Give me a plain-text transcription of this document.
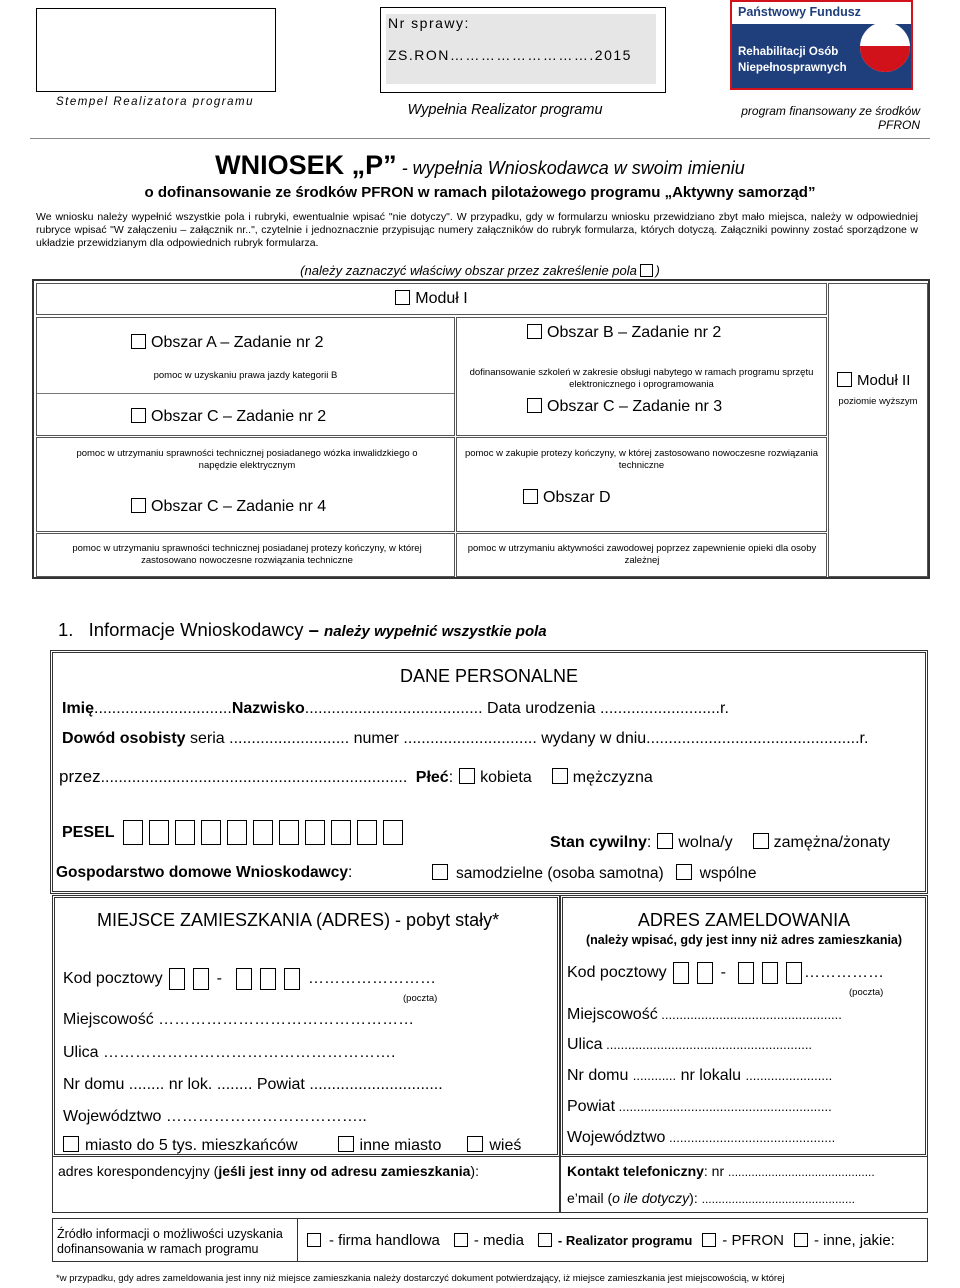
Stempel Realizatora programu
Nr sprawy:
ZS.RON……………………….2015
Wypełnia Realizator programu
Państwowy Fundusz
Rehabilitacji Osób
Niepełnosprawnych
program finansowany ze środków PFRON
WNIOSEK „P” - wypełnia Wnioskodawca w swoim imieniu
o dofinansowanie ze środków PFRON w ramach pilotażowego programu „Aktywny samorząd”
We wniosku należy wypełnić wszystkie pola i rubryki, ewentualnie wpisać "nie dotyczy". W przypadku, gdy w formularzu wniosku przewidziano zbyt mało miejsca, należy w odpowiedniej rubryce wpisać "W załączeniu – załącznik nr..", czytelnie i jednoznacznie przypisując numery załączników do rubryk formularza, których dotyczą. Załączniki powinny zostać sporządzone w układzie przewidzianym dla odpowiednich rubryk formularza.
(należy zaznaczyć właściwy obszar przez zakreślenie pola )
Moduł I
Moduł II
poziomie wyższym
Obszar A – Zadanie nr 2
pomoc w uzyskaniu prawa jazdy kategorii B
Obszar C – Zadanie nr 2
Obszar B – Zadanie nr 2
dofinansowanie szkoleń w zakresie obsługi nabytego w ramach programu sprzętu elektronicznego i oprogramowania
Obszar C – Zadanie nr 3
pomoc w utrzymaniu sprawności technicznej posiadanego wózka inwalidzkiego o napędzie elektrycznym
Obszar C – Zadanie nr 4
pomoc w zakupie protezy kończyny, w której zastosowano nowoczesne rozwiązania techniczne
Obszar D
pomoc w utrzymaniu sprawności technicznej posiadanej protezy kończyny, w której zastosowano nowoczesne rozwiązania techniczne
pomoc w utrzymaniu aktywności zawodowej poprzez zapewnienie opieki dla osoby zależnej
1. Informacje Wnioskodawcy – należy wypełnić wszystkie pola
DANE PERSONALNE
Imię...............................Nazwisko........................................ Data urodzenia ...........................r.
Dowód osobisty seria ........................... numer .............................. wydany w dniu................................................r.
przez..................................................................... Płeć: kobieta	mężczyzna
PESEL
Stan cywilny: wolna/y	zamężna/żonaty
Gospodarstwo domowe Wnioskodawcy:	samodzielne (osoba samotna) wspólne
MIEJSCE ZAMIESZKANIA (ADRES) - pobyt stały*
Kod pocztowy	-	……………………
(poczta)
Miejscowość …………………………………………
Ulica ……………………………………………….
Nr domu ........ nr lok. ........ Powiat ..............................
Województwo ………………………………..
miasto do 5 tys. mieszkańców	inne miasto	wieś
ADRES ZAMELDOWANIA
(należy wpisać, gdy jest inny niż adres zamieszkania)
Kod pocztowy	-	……………
(poczta)
Miejscowość ..................................................
Ulica .........................................................
Nr domu ............ nr lokalu ........................
Powiat ...........................................................
Województwo ..............................................
adres korespondencyjny (jeśli jest inny od adresu zamieszkania):	Kontakt telefoniczny: nr ............................................
e’mail (o ile dotyczy): ..............................................
Źródło informacji o możliwości uzyskania dofinansowania w ramach programu	- firma handlowa - media	- Realizator programu - PFRON - inne, jakie:
*w przypadku, gdy adres zameldowania jest inny niż miejsce zamieszkania należy dostarczyć dokument potwierdzający, iż miejsce zamieszkania jest miejscowością, w której
